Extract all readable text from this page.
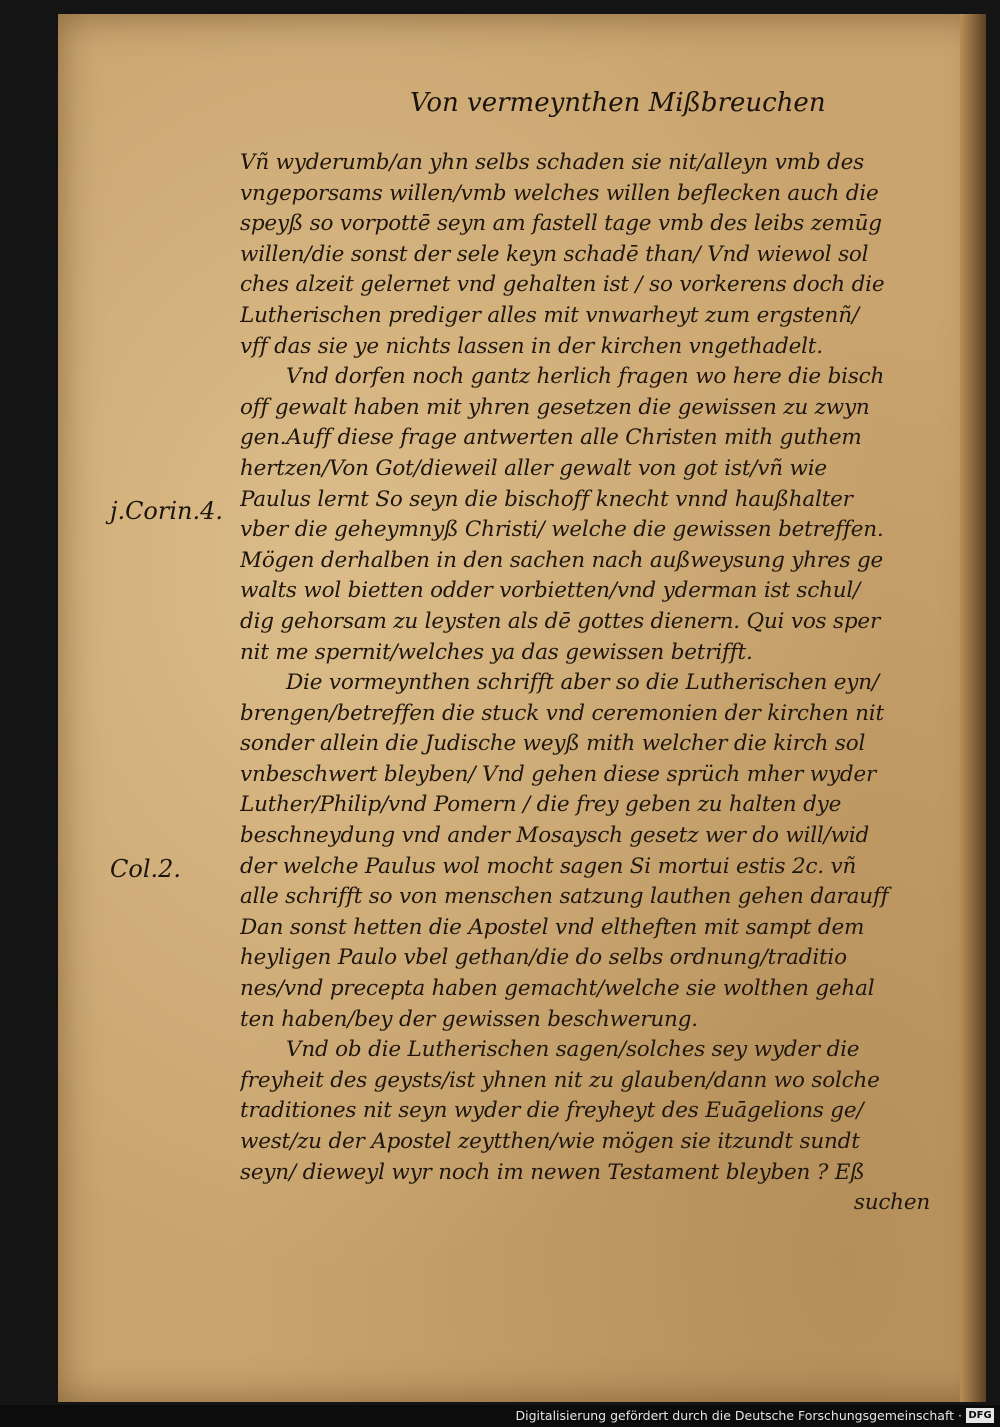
Von vermeynthen Mißbreuchen
j.Corin.4.
Col.2.
Vñ wyderumb/an yhn selbs schaden sie nit/alleyn vmb des
vngeporsams willen/vmb welches willen beflecken auch die
speyß so vorpottē seyn am fastell tage vmb des leibs zemūg
willen/die sonst der sele keyn schadē than/ Vnd wiewol sol
ches alzeit gelernet vnd gehalten ist / so vorkerens doch die
Lutherischen prediger alles mit vnwarheyt zum ergstenñ/
vff das sie ye nichts lassen in der kirchen vngethadelt.
Vnd dorfen noch gantz herlich fragen wo here die bisch
off gewalt haben mit yhren gesetzen die gewissen zu zwyn
gen.Auff diese frage antwerten alle Christen mith guthem
hertzen/Von Got/dieweil aller gewalt von got ist/vñ wie
Paulus lernt So seyn die bischoff knecht vnnd haußhalter
vber die geheymnyß Christi/ welche die gewissen betreffen.
Mögen derhalben in den sachen nach außweysung yhres ge
walts wol bietten odder vorbietten/vnd yderman ist schul/
dig gehorsam zu leysten als dē gottes dienern. Qui vos sper
nit me spernit/welches ya das gewissen betrifft.
Die vormeynthen schrifft aber so die Lutherischen eyn/
brengen/betreffen die stuck vnd ceremonien der kirchen nit
sonder allein die Judische weyß mith welcher die kirch sol
vnbeschwert bleyben/ Vnd gehen diese sprüch mher wyder
Luther/Philip/vnd Pomern / die frey geben zu halten dye
beschneydung vnd ander Mosaysch gesetz wer do will/wid
der welche Paulus wol mocht sagen Si mortui estis 2c. vñ
alle schrifft so von menschen satzung lauthen gehen darauff
Dan sonst hetten die Apostel vnd eltheften mit sampt dem
heyligen Paulo vbel gethan/die do selbs ordnung/traditio
nes/vnd precepta haben gemacht/welche sie wolthen gehal
ten haben/bey der gewissen beschwerung.
Vnd ob die Lutherischen sagen/solches sey wyder die
freyheit des geysts/ist yhnen nit zu glauben/dann wo solche
traditiones nit seyn wyder die freyheyt des Euāgelions ge/
west/zu der Apostel zeytthen/wie mögen sie itzundt sundt
seyn/ dieweyl wyr noch im newen Testament bleyben ? Eß
suchen
Digitalisierung gefördert durch die Deutsche Forschungsgemeinschaft · DFG
